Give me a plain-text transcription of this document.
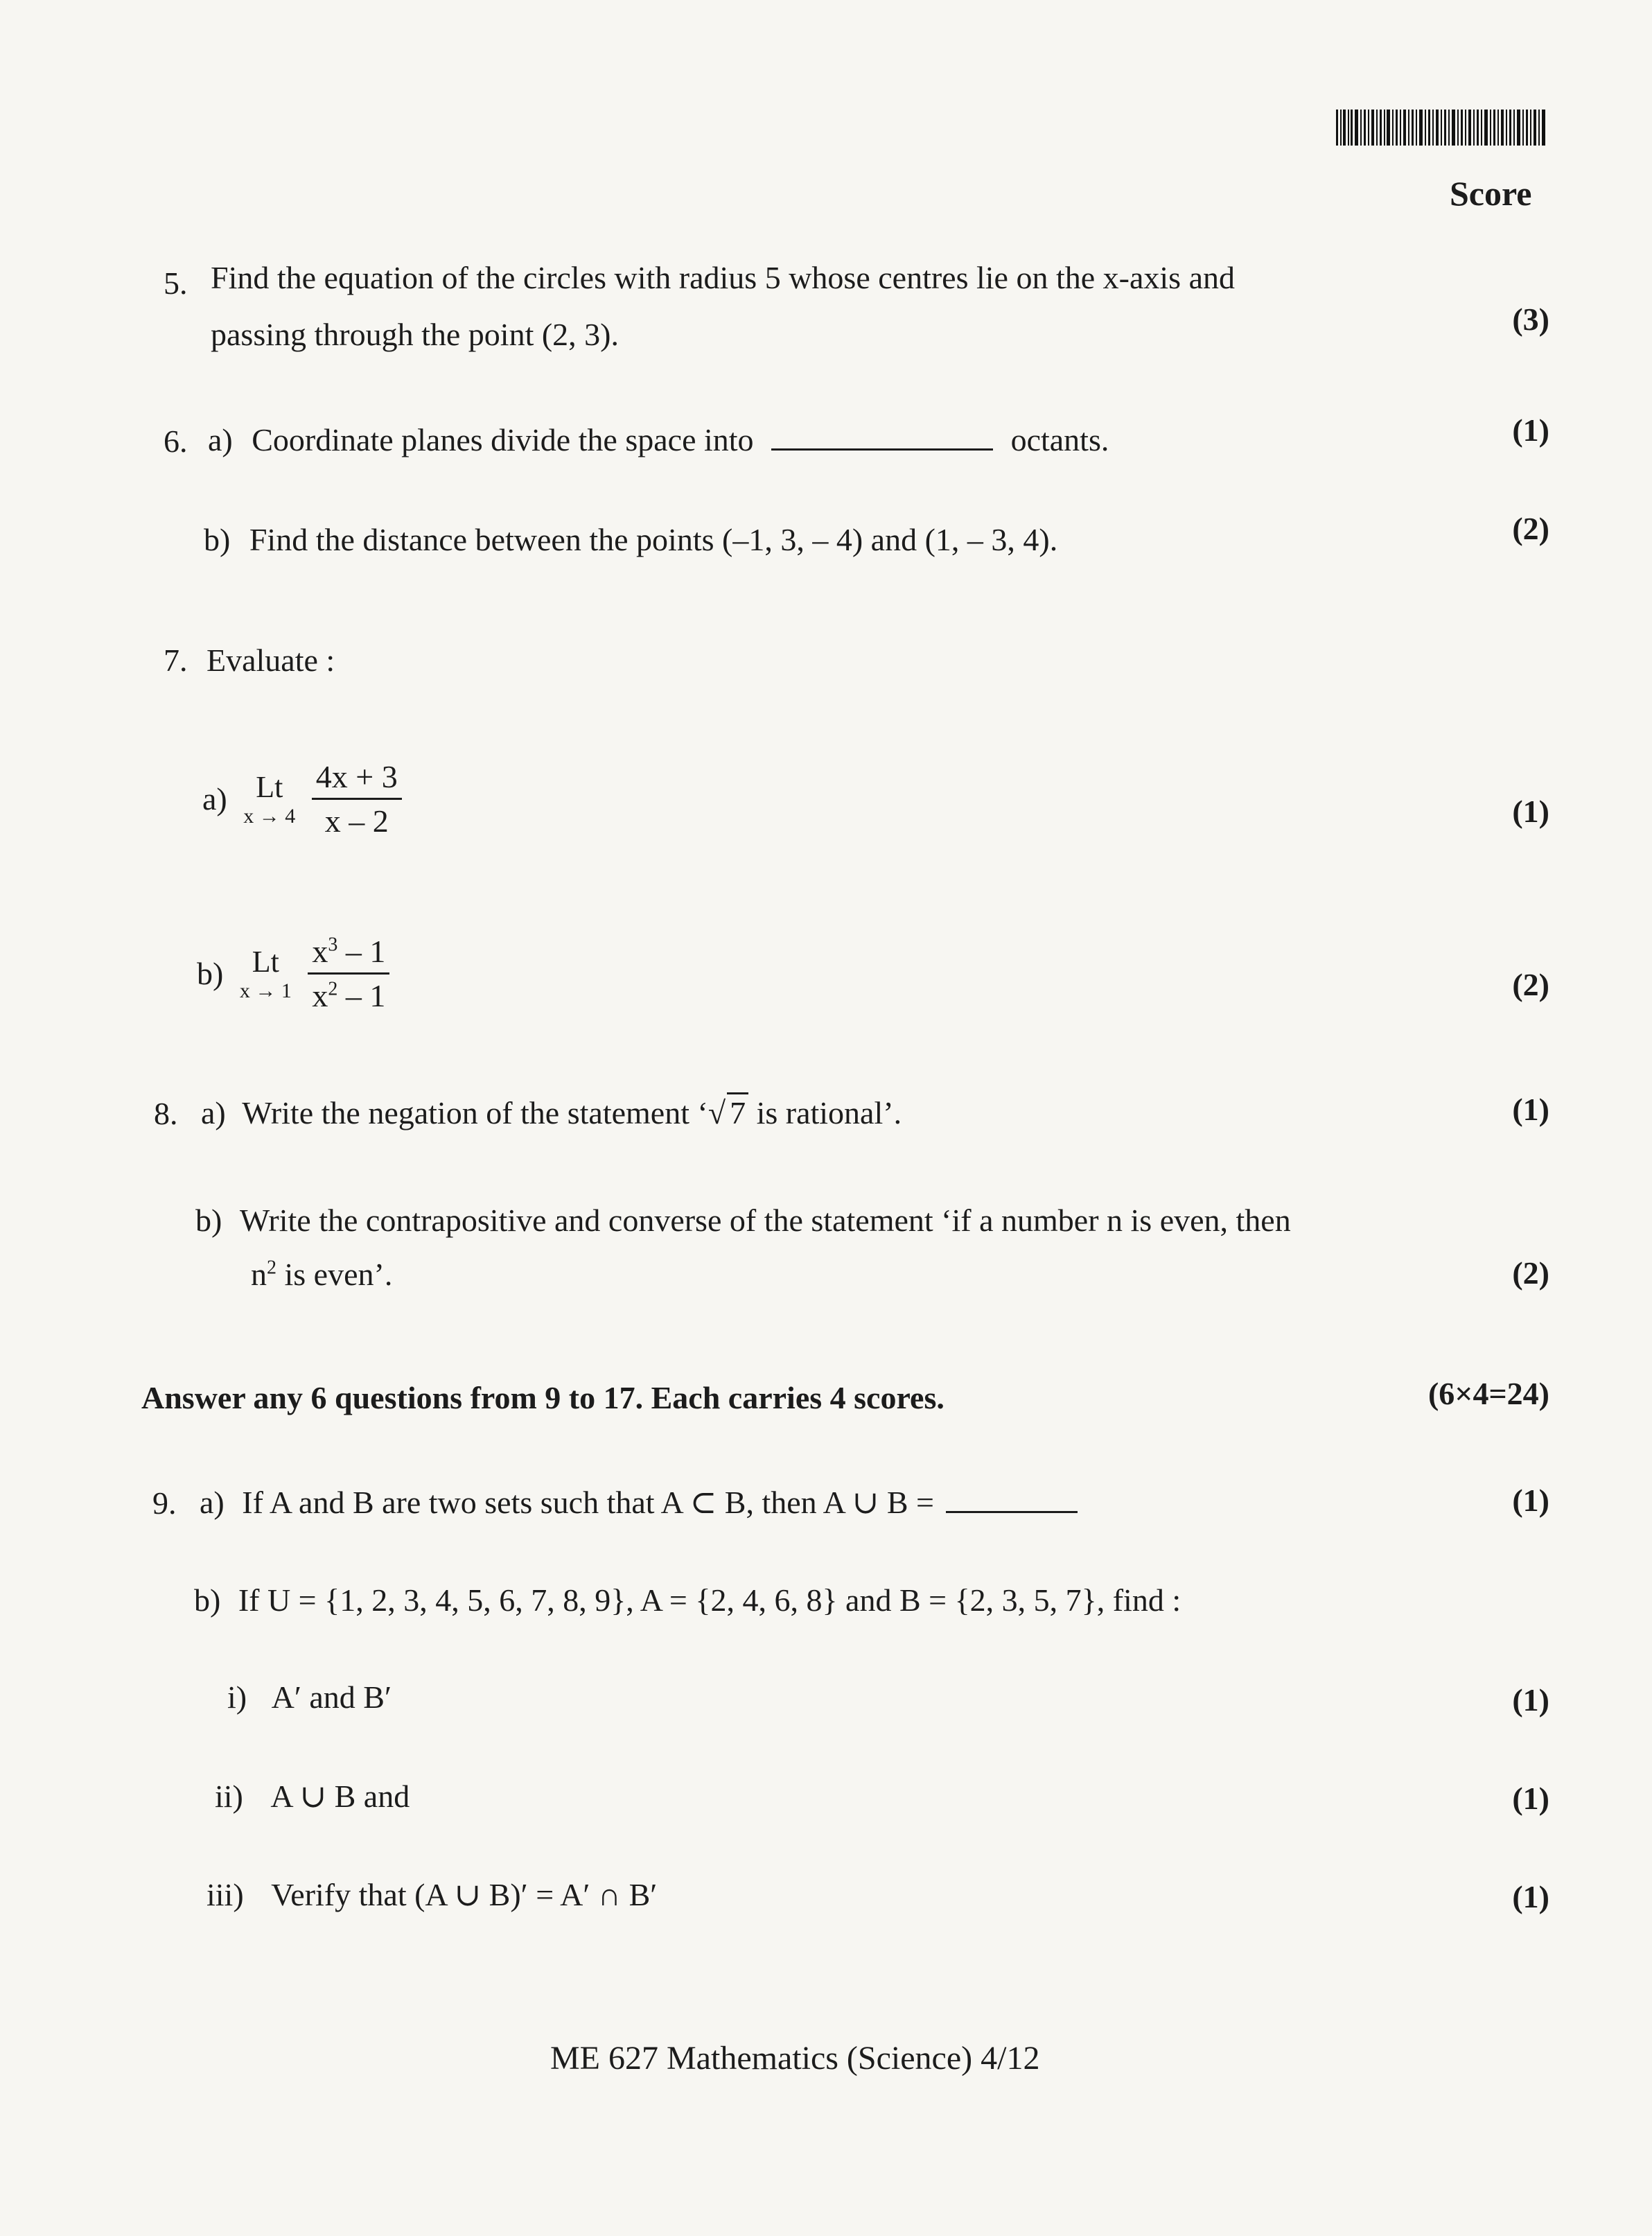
Score
5. Find the equation of the circles with radius 5 whose centres lie on the x-axis and
passing through the point (2, 3).	(3)
6. a) Coordinate planes divide the space into	octants.	(1)
b) Find the distance between the points (–1, 3, – 4) and (1, – 3, 4).	(2)
7. Evaluate :
a) Lt
x → 4
$\frac{4x + 3}{x - 2}$	(1)
b) Lt
x → 1
$\frac{x^3 - 1}{x^2 - 1}$	(2)
8. a) Write the negation of the statement ‘√ 7 is rational’.	(1)
b) Write the contrapositive and converse of the statement ‘if a number n is even, then
$n^2$ is even’.	(2)
Answer any 6 questions from 9 to 17. Each carries 4 scores.	(6×4=24)
9. a) If A and B are two sets such that A ⊂ B, then A ∪ B =	(1)
b) If U = {1, 2, 3, 4, 5, 6, 7, 8, 9}, A = {2, 4, 6, 8} and B = {2, 3, 5, 7}, find :
i) A′ and B′	(1)
ii) A ∪ B and	(1)
iii) Verify that (A ∪ B)′ = A′ ∩ B′	(1)
ME 627 Mathematics (Science) 4/12
